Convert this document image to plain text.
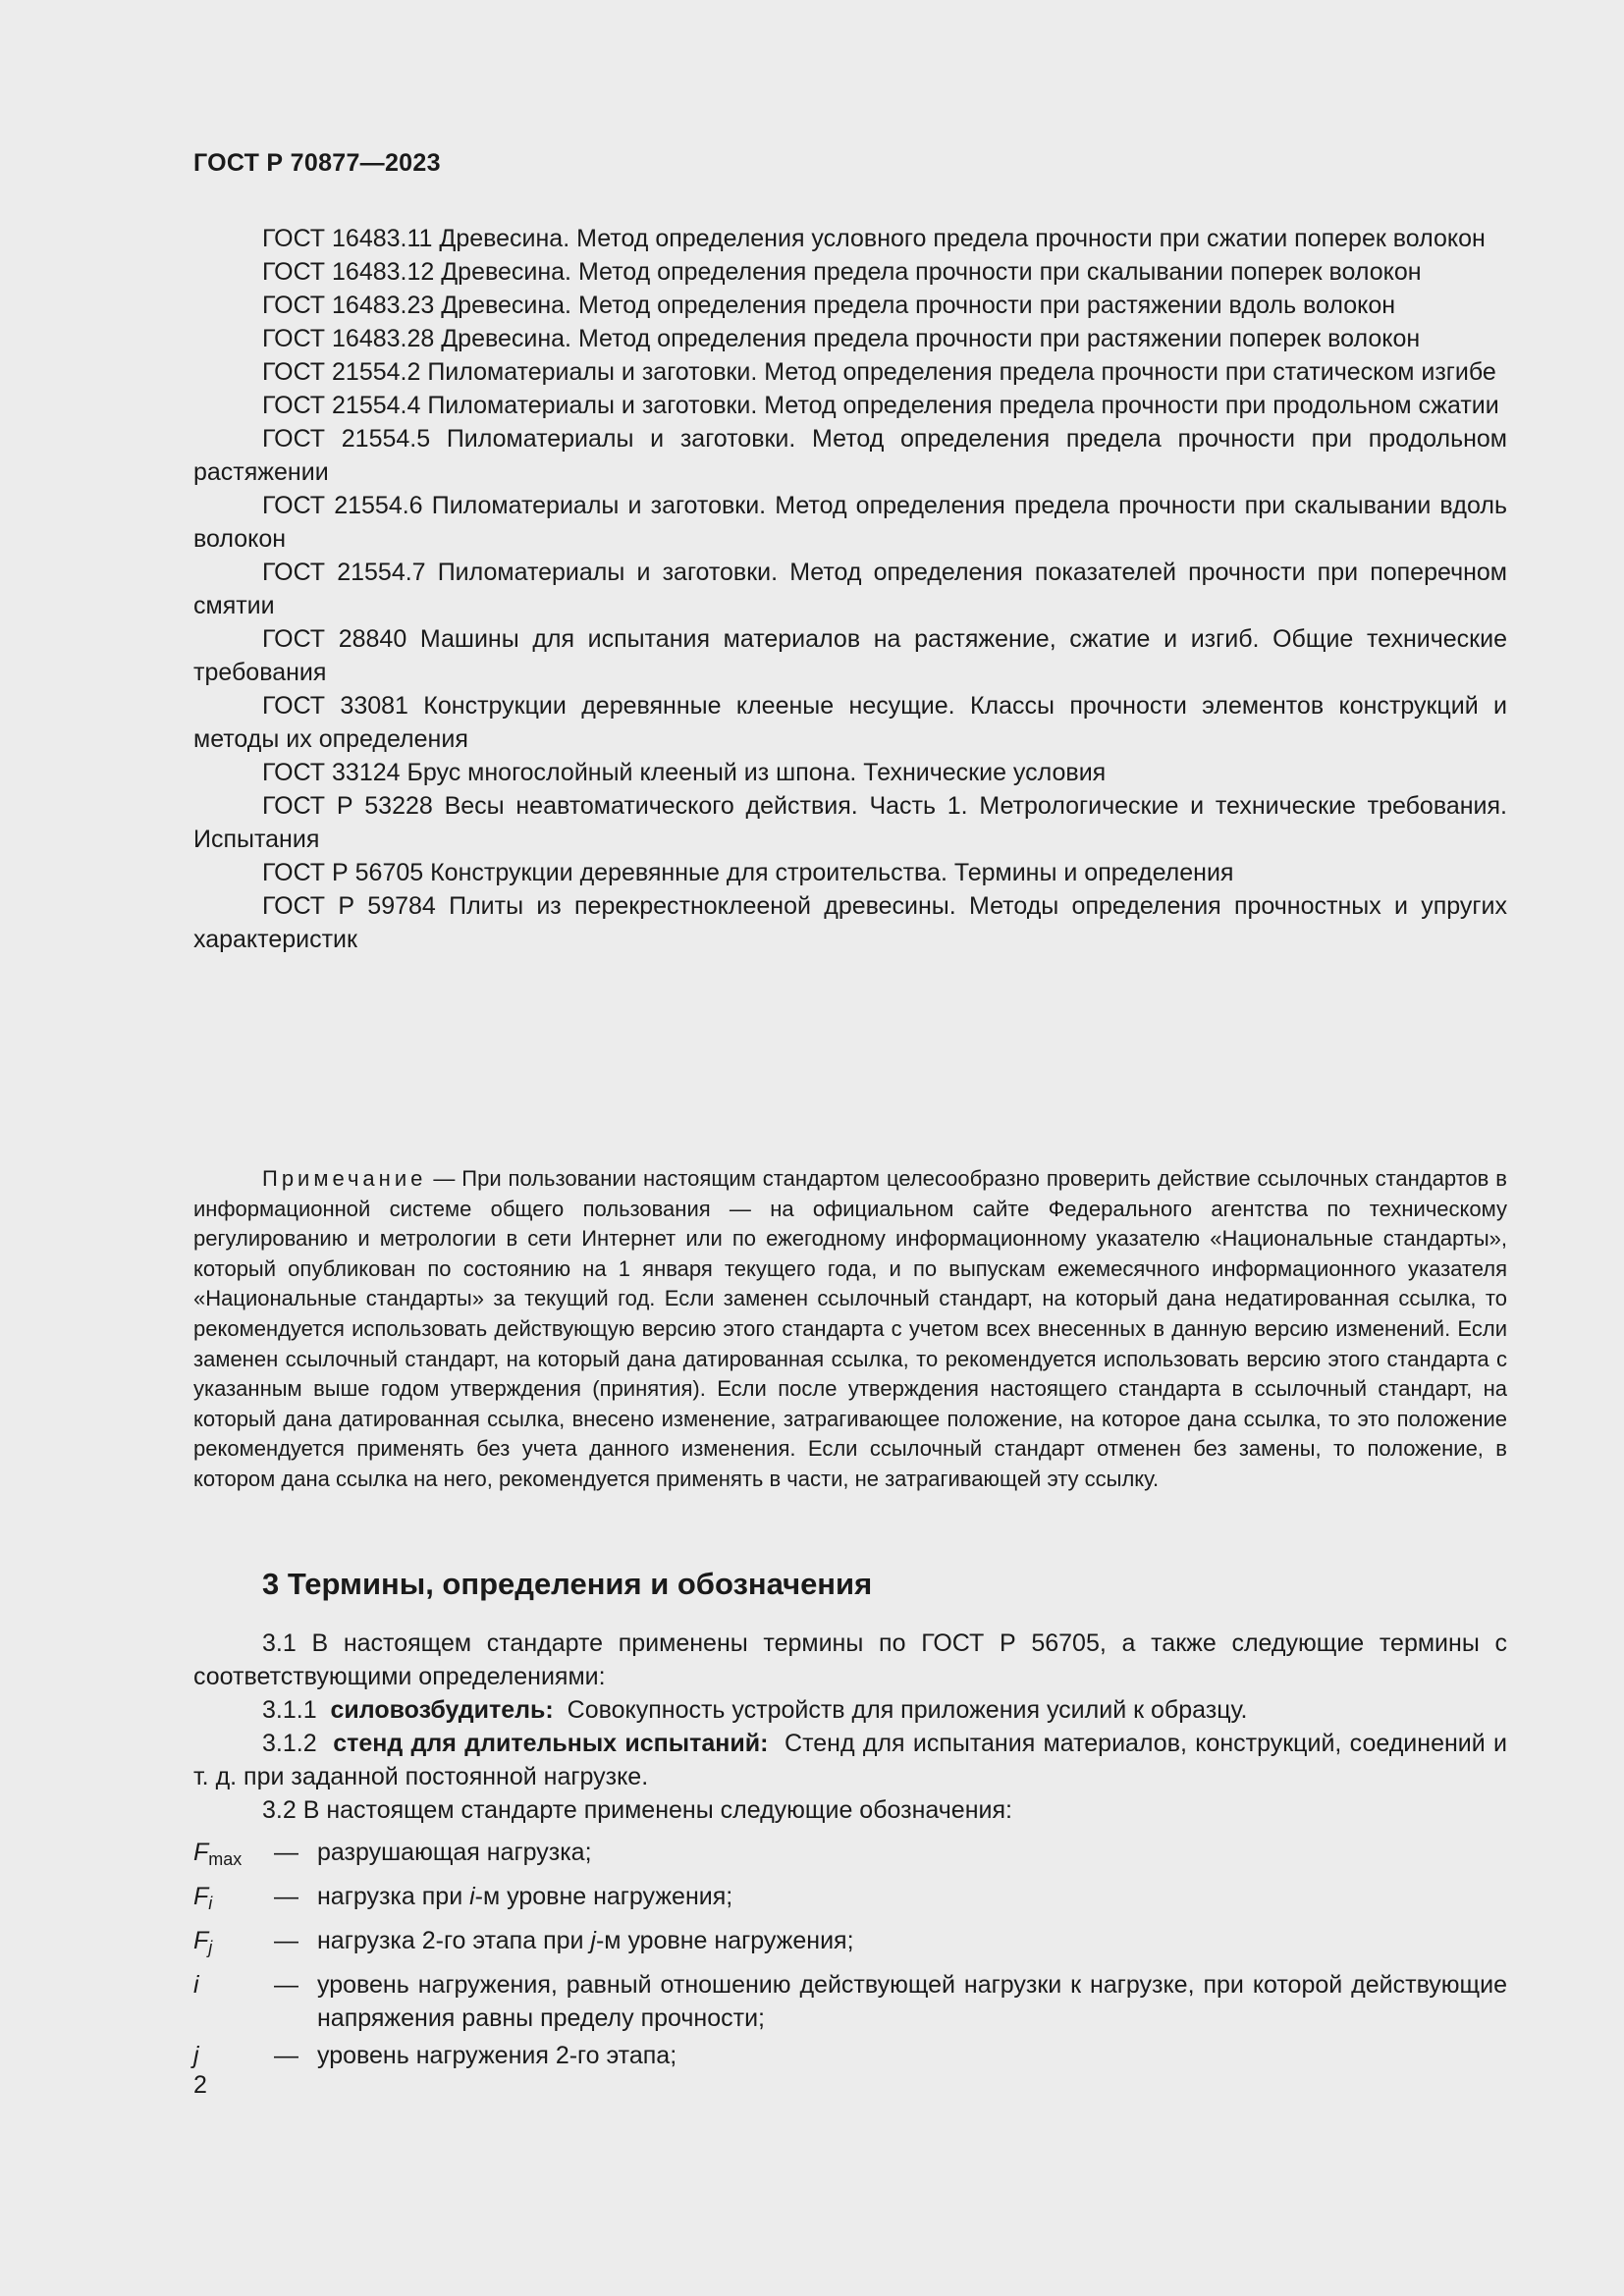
ГОСТ Р 70877—2023

ГОСТ 16483.11 Древесина. Метод определения условного предела прочности при сжатии поперек волокон

ГОСТ 16483.12 Древесина. Метод определения предела прочности при скалывании поперек волокон

ГОСТ 16483.23 Древесина. Метод определения предела прочности при растяжении вдоль волокон

ГОСТ 16483.28 Древесина. Метод определения предела прочности при растяжении поперек волокон

ГОСТ 21554.2 Пиломатериалы и заготовки. Метод определения предела прочности при статическом изгибе

ГОСТ 21554.4 Пиломатериалы и заготовки. Метод определения предела прочности при продольном сжатии

ГОСТ 21554.5 Пиломатериалы и заготовки. Метод определения предела прочности при продольном растяжении

ГОСТ 21554.6 Пиломатериалы и заготовки. Метод определения предела прочности при скалывании вдоль волокон

ГОСТ 21554.7 Пиломатериалы и заготовки. Метод определения показателей прочности при поперечном смятии

ГОСТ 28840 Машины для испытания материалов на растяжение, сжатие и изгиб. Общие технические требования

ГОСТ 33081 Конструкции деревянные клееные несущие. Классы прочности элементов конструкций и методы их определения

ГОСТ 33124 Брус многослойный клееный из шпона. Технические условия

ГОСТ Р 53228 Весы неавтоматического действия. Часть 1. Метрологические и технические требования. Испытания

ГОСТ Р 56705 Конструкции деревянные для строительства. Термины и определения

ГОСТ Р 59784 Плиты из перекрестноклееной древесины. Методы определения прочностных и упругих характеристик

Примечание — При пользовании настоящим стандартом целесообразно проверить действие ссылочных стандартов в информационной системе общего пользования — на официальном сайте Федерального агентства по техническому регулированию и метрологии в сети Интернет или по ежегодному информационному указателю «Национальные стандарты», который опубликован по состоянию на 1 января текущего года, и по выпускам ежемесячного информационного указателя «Национальные стандарты» за текущий год. Если заменен ссылочный стандарт, на который дана недатированная ссылка, то рекомендуется использовать действующую версию этого стандарта с учетом всех внесенных в данную версию изменений. Если заменен ссылочный стандарт, на который дана датированная ссылка, то рекомендуется использовать версию этого стандарта с указанным выше годом утверждения (принятия). Если после утверждения настоящего стандарта в ссылочный стандарт, на который дана датированная ссылка, внесено изменение, затрагивающее положение, на которое дана ссылка, то это положение рекомендуется применять без учета данного изменения. Если ссылочный стандарт отменен без замены, то положение, в котором дана ссылка на него, рекомендуется применять в части, не затрагивающей эту ссылку.

3 Термины, определения и обозначения

3.1 В настоящем стандарте применены термины по ГОСТ Р 56705, а также следующие термины с соответствующими определениями:

3.1.1 силовозбудитель: Совокупность устройств для приложения усилий к образцу.

3.1.2 стенд для длительных испытаний: Стенд для испытания материалов, конструкций, соединений и т. д. при заданной постоянной нагрузке.

3.2 В настоящем стандарте применены следующие обозначения:

$F_{max}$	— разрушающая нагрузка;
$F_i$	— нагрузка при i-м уровне нагружения;
$F_j$	— нагрузка 2-го этапа при j-м уровне нагружения;
i	— уровень нагружения, равный отношению действующей нагрузки к нагрузке, при которой действующие напряжения равны пределу прочности;
j	— уровень нагружения 2-го этапа;
2
